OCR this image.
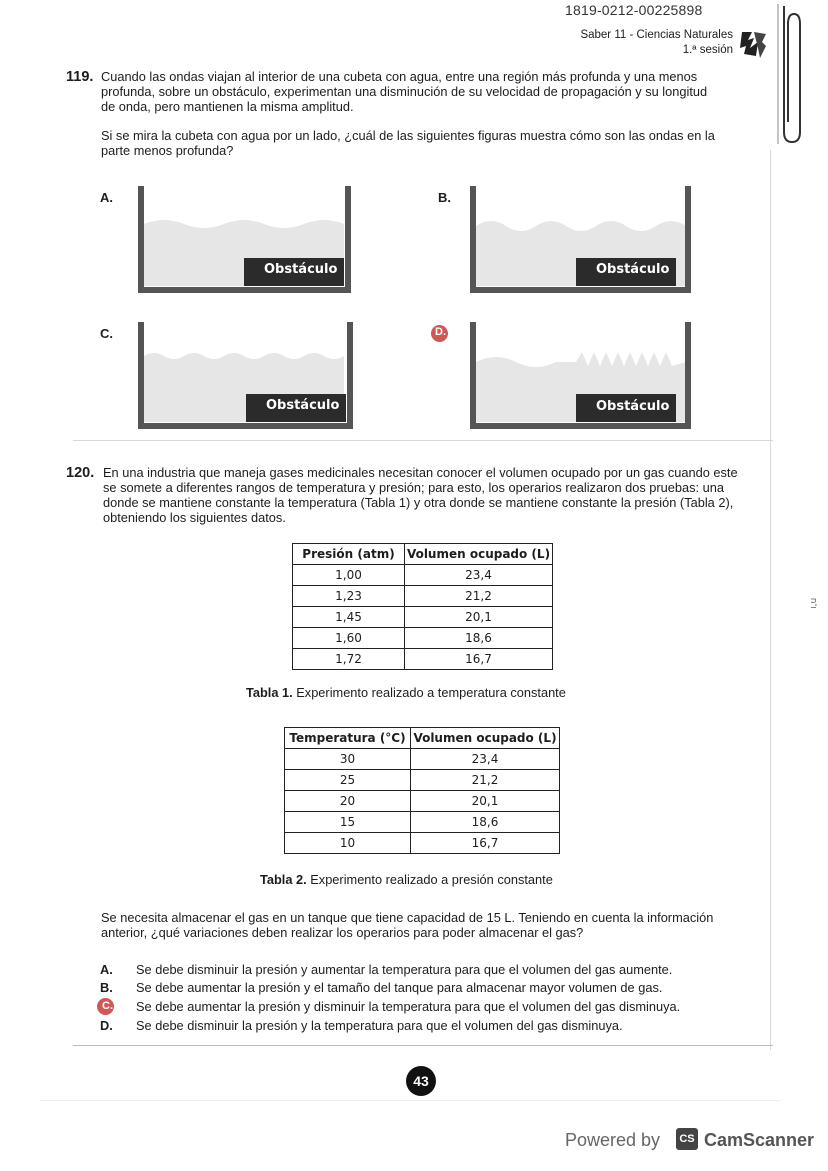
1819-0212-00225898
Saber 11 - Ciencias Naturales
1.ª sesión
119. Cuando las ondas viajan al interior de una cubeta con agua, entre una región más profunda y una menos
profunda, sobre un obstáculo, experimentan una disminución de su velocidad de propagación y su longitud
de onda, pero mantienen la misma amplitud.
Si se mira la cubeta con agua por un lado, ¿cuál de las siguientes figuras muestra cómo son las ondas en la
parte menos profunda?
A.
Obstáculo
B.
Obstáculo
C.
Obstáculo
D.
Obstáculo
120. En una industria que maneja gases medicinales necesitan conocer el volumen ocupado por un gas cuando este
se somete a diferentes rangos de temperatura y presión; para esto, los operarios realizaron dos pruebas: una
donde se mantiene constante la temperatura (Tabla 1) y otra donde se mantiene constante la presión (Tabla 2),
obteniendo los siguientes datos.
Presión (atm)	Volumen ocupado (L)
1,00	23,4
1,23	21,2
1,45	20,1
1,60	18,6
1,72	16,7
Tabla 1. Experimento realizado a temperatura constante
Temperatura (°C)	Volumen ocupado (L)
30	23,4
25	21,2
20	20,1
15	18,6
10	16,7
Tabla 2. Experimento realizado a presión constante
Se necesita almacenar el gas en un tanque que tiene capacidad de 15 L. Teniendo en cuenta la información
anterior, ¿qué variaciones deben realizar los operarios para poder almacenar el gas?
A. Se debe disminuir la presión y aumentar la temperatura para que el volumen del gas aumente.
B. Se debe aumentar la presión y el tamaño del tanque para almacenar mayor volumen de gas.
C. Se debe aumentar la presión y disminuir la temperatura para que el volumen del gas disminuya.
D. Se debe disminuir la presión y la temperatura para que el volumen del gas disminuya.
43
ו־ח
Powered by	CS CamScanner
